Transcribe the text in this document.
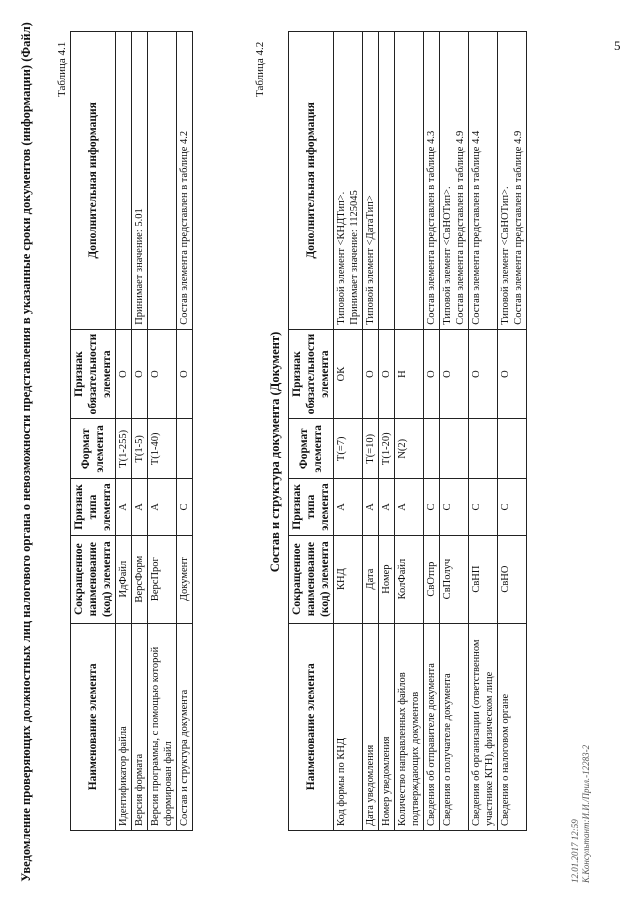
5
Уведомление проверяющих должностных лиц налогового органа о невозможности представления в указанные сроки документов (информации) (Файл) Таблица 4.1
Наименование элемента	Сокращенное наименование (код) элемента	Признак типа элемента	Формат элемента	Признак обязательности элемента	Дополнительная информация
Идентификатор файла	ИдФайл	А	T(1-255)	О	
Версия формата	ВерсФорм	А	T(1-5)	О	Принимает значение: 5.01
Версия программы, с помощью которой сформирован файл	ВерсПрог	А	T(1-40)	О	
Состав и структура документа	Документ	С		О	Состав элемента представлен в таблице 4.2
Таблица 4.2
Состав и структура документа (Документ)
Наименование элемента	Сокращенное наименование (код) элемента	Признак типа элемента	Формат элемента	Признак обязательности элемента	Дополнительная информация
Код формы по КНД	КНД	А	T(=7)	ОК	Типовой элемент <КНДТип>. Принимает значение: 1125045

Дата уведомления	Дата	А	T(=10)	О	Типовой элемент <ДатаТип>

Номер уведомления	Номер	А	T(1-20)	О	

Количество направленных файлов подтверждающих документов	КолФайл	А	N(2)	Н	

Сведения об отправителе документа	СвОтпр	С		О	Состав элемента представлен в таблице 4.3

Сведения о получателе документа	СвПолуч	С		О	Типовой элемент <СвНОТип>. Состав элемента представлен в таблице 4.9

Сведения об организации (ответственном участнике КГН), физическом лице	СвНП	С		О	Состав элемента представлен в таблице 4.4

Сведения о налоговом органе	СвНО	С		О	Типовой элемент <СвНОТип>. Состав элемента представлен в таблице 4.9
12.01.2017 12:59 К.Консультант:И.И./Прил.-12283-2
